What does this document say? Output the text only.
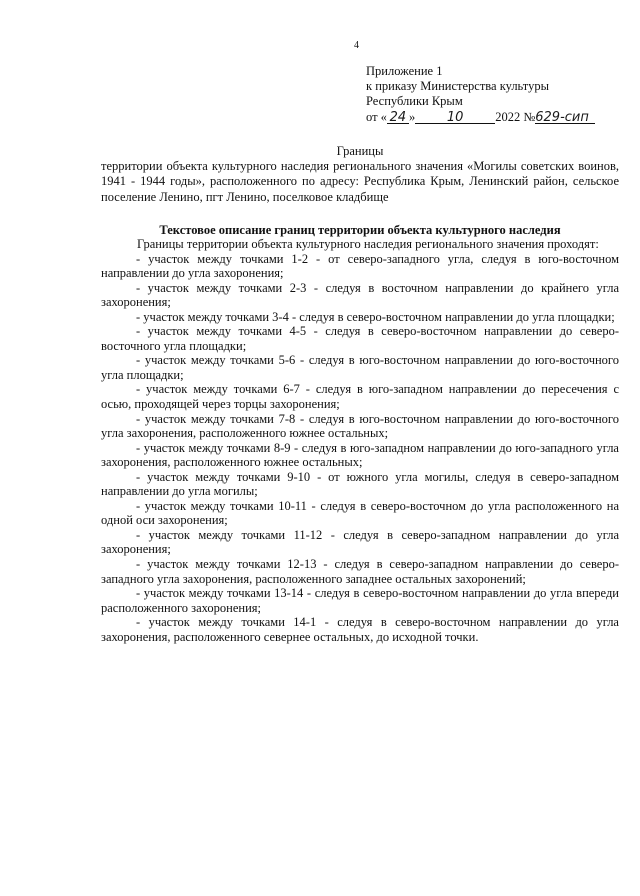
4
Приложение 1
к приказу Министерства культуры
Республики Крым
от « 24 » 10	2022 №629-сип
Границы
территории объекта культурного наследия регионального значения «Могилы советских воинов, 1941 - 1944 годы», расположенного по адресу: Республика Крым, Ленинский район, сельское поселение Ленино, пгт Ленино, поселковое кладбище
Текстовое описание границ территории объекта культурного наследия

Границы территории объекта культурного наследия регионального значения проходят:

- участок между точками 1-2 - от северо-западного угла, следуя в юго-восточном направлении до угла захоронения;

- участок между точками 2-3 - следуя в восточном направлении до крайнего угла захоронения;

- участок между точками 3-4 - следуя в северо-восточном направлении до угла площадки;

- участок между точками 4-5 - следуя в северо-восточном направлении до северо-восточного угла площадки;

- участок между точками 5-6 - следуя в юго-восточном направлении до юго-восточного угла площадки;

- участок между точками 6-7 - следуя в юго-западном направлении до пересечения с осью, проходящей через торцы захоронения;

- участок между точками 7-8 - следуя в юго-восточном направлении до юго-восточного угла захоронения, расположенного южнее остальных;

- участок между точками 8-9 - следуя в юго-западном направлении до юго-западного угла захоронения, расположенного южнее остальных;

- участок между точками 9-10 - от южного угла могилы, следуя в северо-западном направлении до угла могилы;

- участок между точками 10-11 - следуя в северо-восточном до угла расположенного на одной оси захоронения;

- участок между точками 11-12 - следуя в северо-западном направлении до угла захоронения;

- участок между точками 12-13 - следуя в северо-западном направлении до северо-западного угла захоронения, расположенного западнее остальных захоронений;

- участок между точками 13-14 - следуя в северо-восточном направлении до угла впереди расположенного захоронения;

- участок между точками 14-1 - следуя в северо-восточном направлении до угла захоронения, расположенного севернее остальных, до исходной точки.
